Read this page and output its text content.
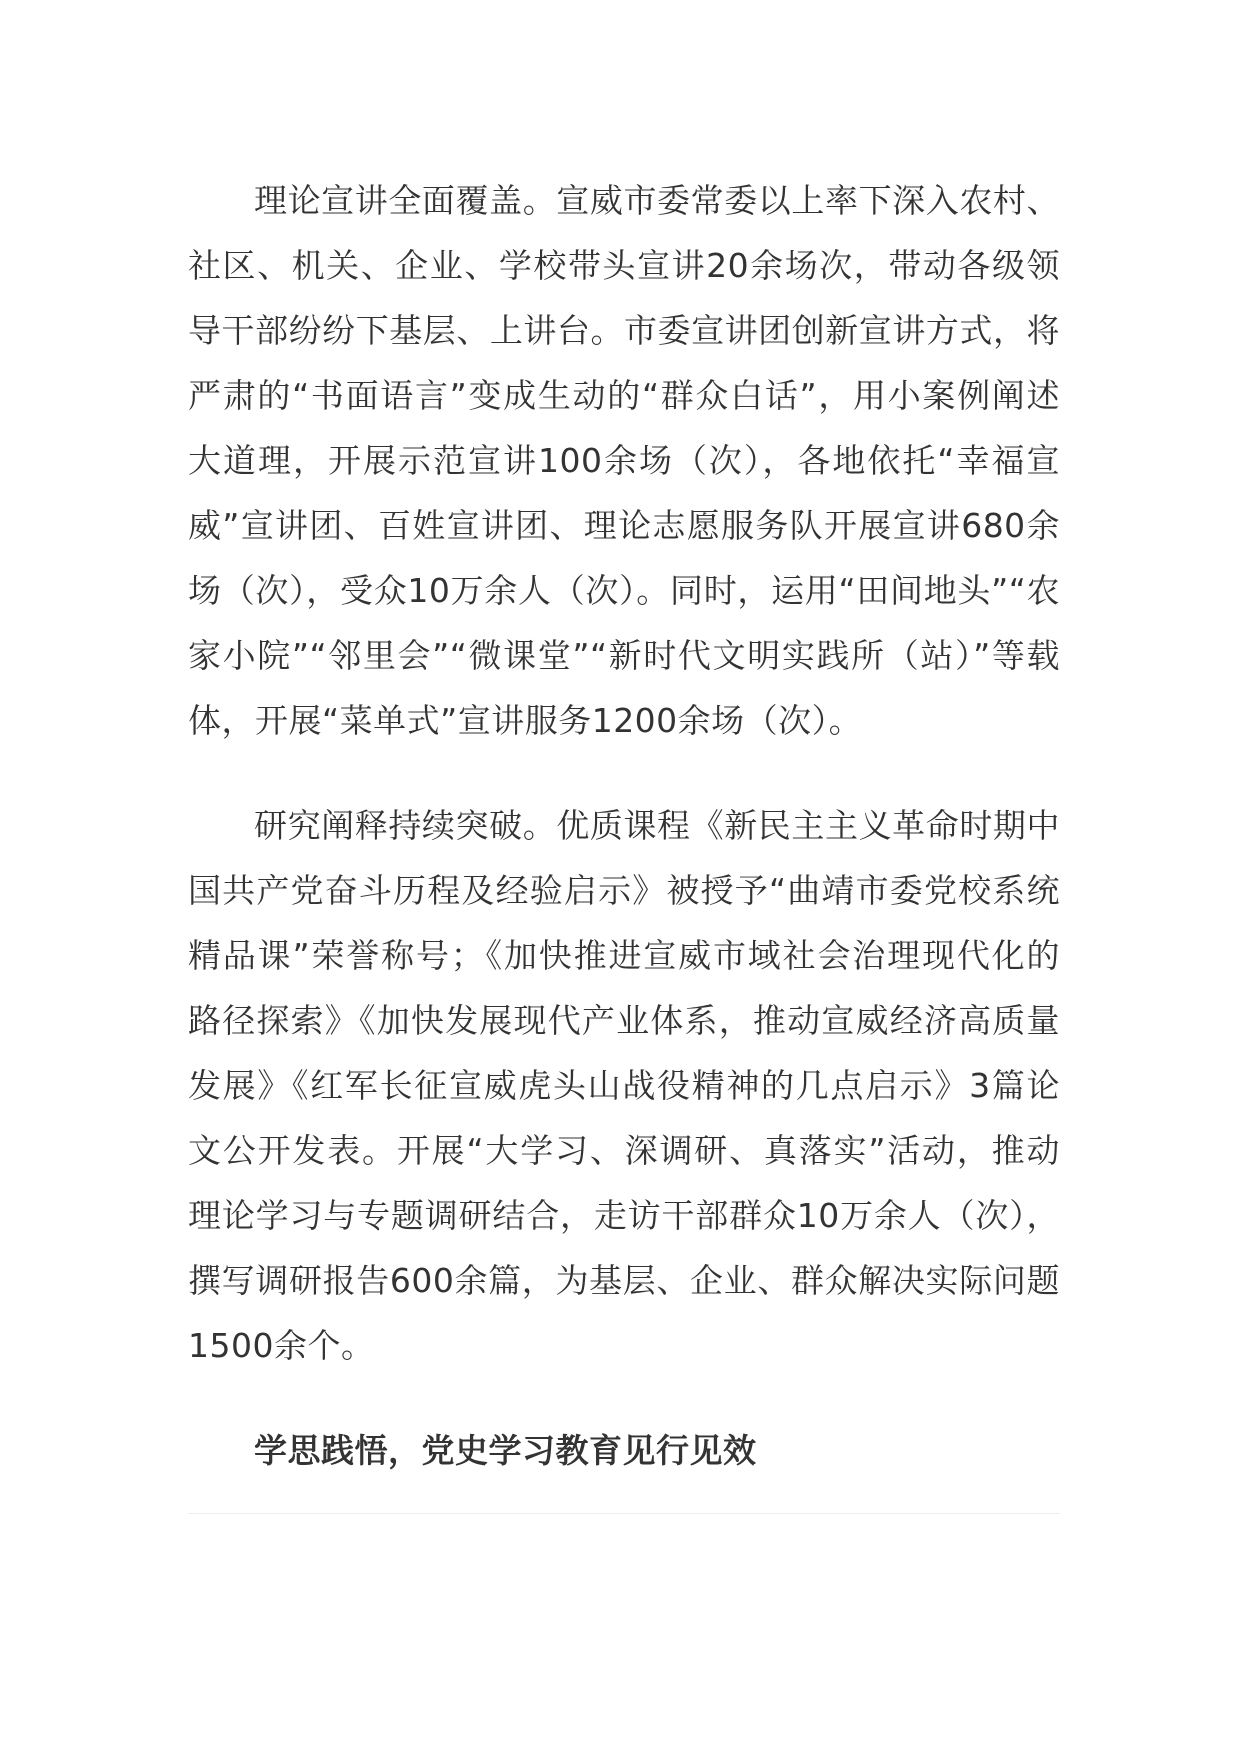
理论宣讲全面覆盖。宣威市委常委以上率下深入农村、社区、机关、企业、学校带头宣讲20余场次，带动各级领导干部纷纷下基层、上讲台。市委宣讲团创新宣讲方式，将严肃的“书面语言”变成生动的“群众白话”，用小案例阐述大道理，开展示范宣讲100余场（次），各地依托“幸福宣威”宣讲团、百姓宣讲团、理论志愿服务队开展宣讲680余场（次），受众10万余人（次）。同时，运用“田间地头”“农家小院”“邻里会”“微课堂”“新时代文明实践所（站）”等载体，开展“菜单式”宣讲服务1200余场（次）。

研究阐释持续突破。优质课程《新民主主义革命时期中国共产党奋斗历程及经验启示》被授予“曲靖市委党校系统精品课”荣誉称号；《加快推进宣威市域社会治理现代化的路径探索》《加快发展现代产业体系，推动宣威经济高质量发展》《红军长征宣威虎头山战役精神的几点启示》3篇论文公开发表。开展“大学习、深调研、真落实”活动，推动理论学习与专题调研结合，走访干部群众10万余人（次），撰写调研报告600余篇，为基层、企业、群众解决实际问题1500余个。

学思践悟，党史学习教育见行见效
